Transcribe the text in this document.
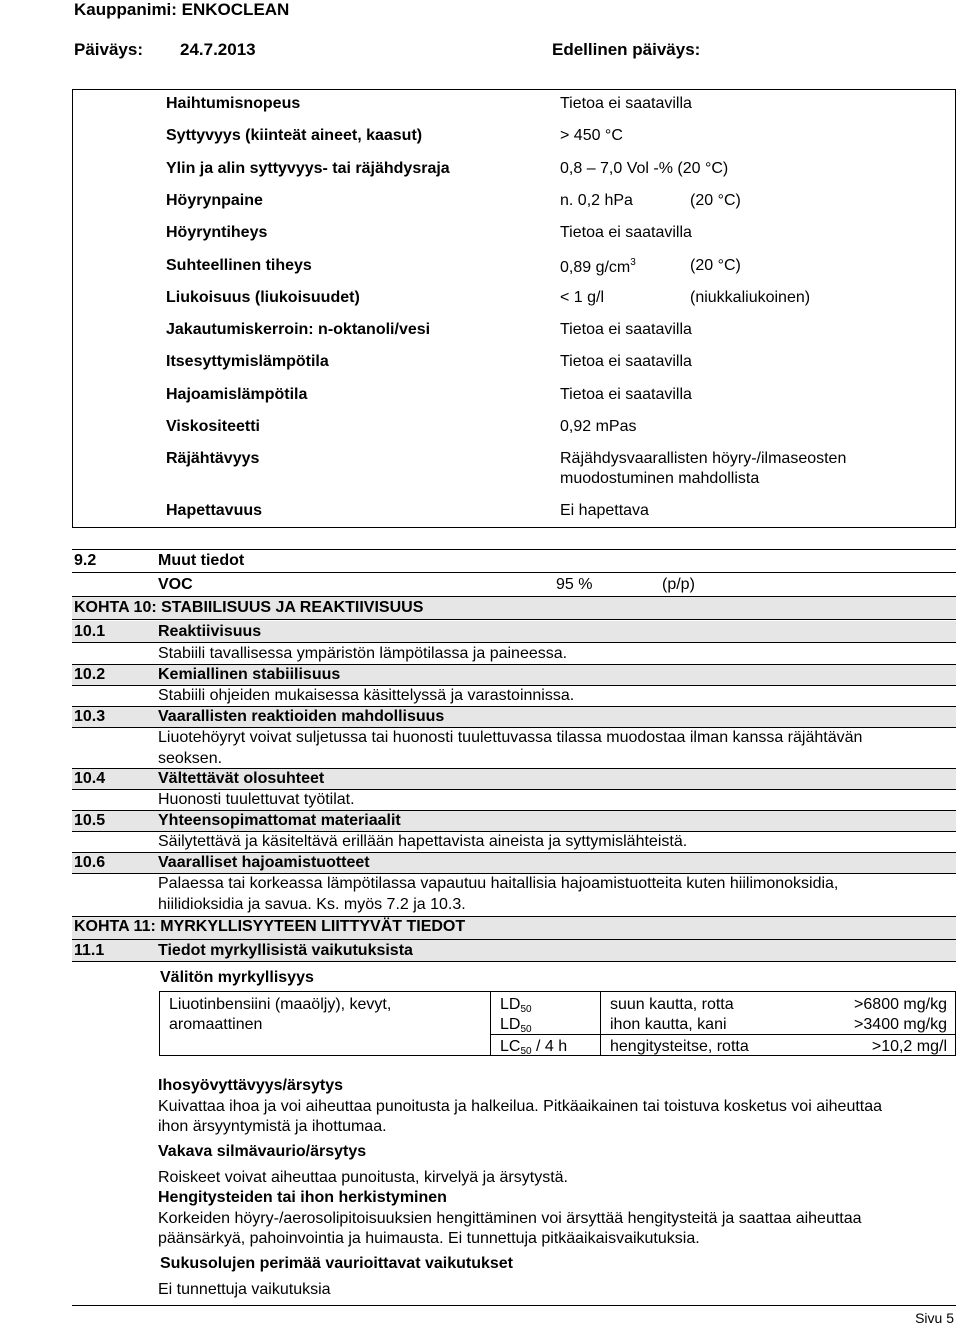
Kauppanimi: ENKOCLEAN
Päiväys: 24.7.2013	Edellinen päiväys:
Haihtumisnopeus	Tietoa ei saatavilla
Syttyvyys (kiinteät aineet, kaasut)	> 450 °C
Ylin ja alin syttyvyys- tai räjähdysraja	0,8 – 7,0 Vol -% (20 °C)
Höyrynpaine	n. 0,2 hPa	(20 °C)
Höyryntiheys	Tietoa ei saatavilla
Suhteellinen tiheys	0,89 $g/cm^3$	(20 °C)
Liukoisuus (liukoisuudet)	< 1 g/l	(niukkaliukoinen)
Jakautumiskerroin: n-oktanoli/vesi	Tietoa ei saatavilla
Itsesyttymislämpötila	Tietoa ei saatavilla
Hajoamislämpötila	Tietoa ei saatavilla
Viskositeetti	0,92 mPas
Räjähtävyys	Räjähdysvaarallisten höyry-/ilmaseosten
muodostuminen mahdollista
Hapettavuus	Ei hapettava
9.2	Muut tiedot
VOC	95 %	(p/p)
KOHTA 10: STABIILISUUS JA REAKTIIVISUUS
10.1	Reaktiivisuus
Stabiili tavallisessa ympäristön lämpötilassa ja paineessa.
10.2	Kemiallinen stabiilisuus
Stabiili ohjeiden mukaisessa käsittelyssä ja varastoinnissa.
10.3	Vaarallisten reaktioiden mahdollisuus
Liuotehöyryt voivat suljetussa tai huonosti tuulettuvassa tilassa muodostaa ilman kanssa räjähtävän
seoksen.
10.4	Vältettävät olosuhteet
Huonosti tuulettuvat työtilat.
10.5	Yhteensopimattomat materiaalit
Säilytettävä ja käsiteltävä erillään hapettavista aineista ja syttymislähteistä.
10.6	Vaaralliset hajoamistuotteet
Palaessa tai korkeassa lämpötilassa vapautuu haitallisia hajoamistuotteita kuten hiilimonoksidia,
hiilidioksidia ja savua. Ks. myös 7.2 ja 10.3.
KOHTA 11: MYRKYLLISYYTEEN LIITTYVÄT TIEDOT
11.1	Tiedot myrkyllisistä vaikutuksista
Välitön myrkyllisyys
Liuotinbensiini (maaöljy), kevyt,
aromaattinen
$LD_{50}$	suun kautta, rotta	>6800 mg/kg
$LD_{50}$	ihon kautta, kani	>3400 mg/kg
$LC_{50} / 4$ h	hengitysteitse, rotta	>10,2 mg/l
Ihosyövyttävyys/ärsytys
Kuivattaa ihoa ja voi aiheuttaa punoitusta ja halkeilua. Pitkäaikainen tai toistuva kosketus voi aiheuttaa
ihon ärsyyntymistä ja ihottumaa.
Vakava silmävaurio/ärsytys
Roiskeet voivat aiheuttaa punoitusta, kirvelyä ja ärsytystä.
Hengitysteiden tai ihon herkistyminen
Korkeiden höyry-/aerosolipitoisuuksien hengittäminen voi ärsyttää hengitysteitä ja saattaa aiheuttaa
päänsärkyä, pahoinvointia ja huimausta. Ei tunnettuja pitkäaikaisvaikutuksia.
Sukusolujen perimää vaurioittavat vaikutukset
Ei tunnettuja vaikutuksia
Sivu 5
